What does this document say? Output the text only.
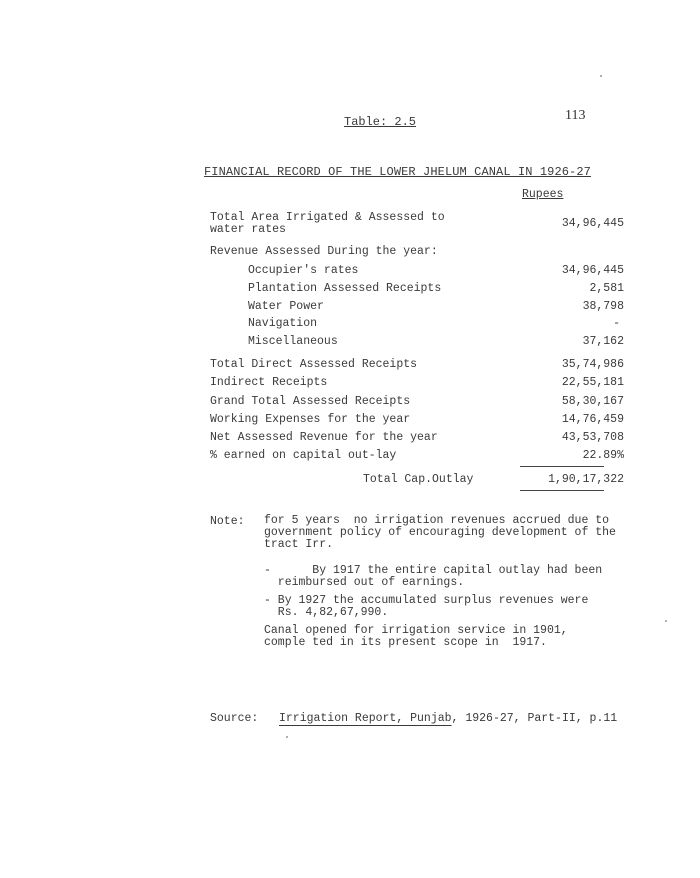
113
Table: 2.5
FINANCIAL RECORD OF THE LOWER JHELUM CANAL IN 1926-27
Rupees
Total Area Irrigated & Assessed to
water rates	34,96,445
Revenue Assessed During the year:
Occupier's rates	34,96,445
Plantation Assessed Receipts	2,581
Water Power	38,798
Navigation	-
Miscellaneous	37,162
Total Direct Assessed Receipts	35,74,986
Indirect Receipts	22,55,181
Grand Total Assessed Receipts	58,30,167
Working Expenses for the year	14,76,459
Net Assessed Revenue for the year	43,53,708
% earned on capital out-lay	22.89%
Total Cap.Outlay	1,90,17,322
Note: for 5 years  no irrigation revenues accrued due to
government policy of encouraging development of the
tract Irr.
-      By 1917 the entire capital outlay had been
reimbursed out of earnings.
- By 1927 the accumulated surplus revenues were
Rs. 4,82,67,990.
Canal opened for irrigation service in 1901,
comple ted in its present scope in  1917.
Source: Irrigation Report, Punjab, 1926-27, Part-II, p.11
